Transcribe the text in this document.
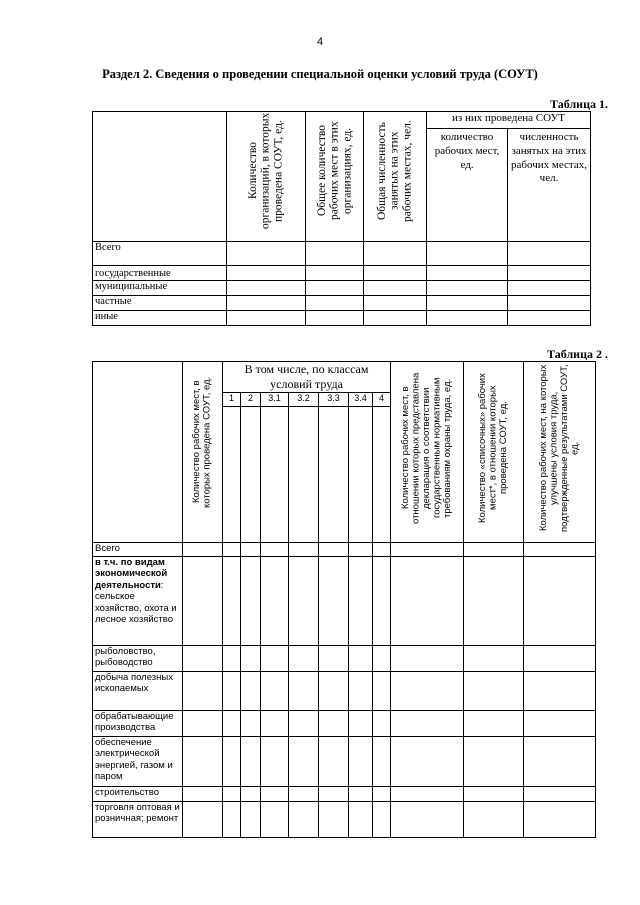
4
Раздел 2. Сведения о проведении специальной оценки условий труда (СОУТ)
Таблица 1.

	Количество организаций, в которых проведена СОУТ, ед.	Общее количество рабочих мест в этих организациях, ед.	Общая численность занятых на этих рабочих местах, чел.	из них проведена СОУТ	
				количество рабочих мест, ед.	численность занятых на этих рабочих местах, чел.
Всего					
государственные					
муниципальные					
частные					
иные					
Таблица 2 .

	Количество рабочих мест, в которых проведена СОУТ, ед.	В том числе, по классам условий труда							Количество рабочих мест, в отношении которых представлена декларация о соответствии государственным нормативным требованиям охраны труда, ед.	Количество «списочных» рабочих мест*, в отношении которых проведена СОУТ, ед.	Количество рабочих мест, на которых улучшены условия труда, подтвержденные результатами СОУТ, ед.

		1	2	3.1	3.2	3.3	3.4	4			

Всего											
в т.ч. по видам экономической деятельности: сельское хозяйство, охота и лесное хозяйство											
рыболовство, рыбоводство											
добыча полезных ископаемых											
обрабатывающие производства											
обеспечение электрической энергией, газом и паром											
строительство											
торговля оптовая и розничная; ремонт											
